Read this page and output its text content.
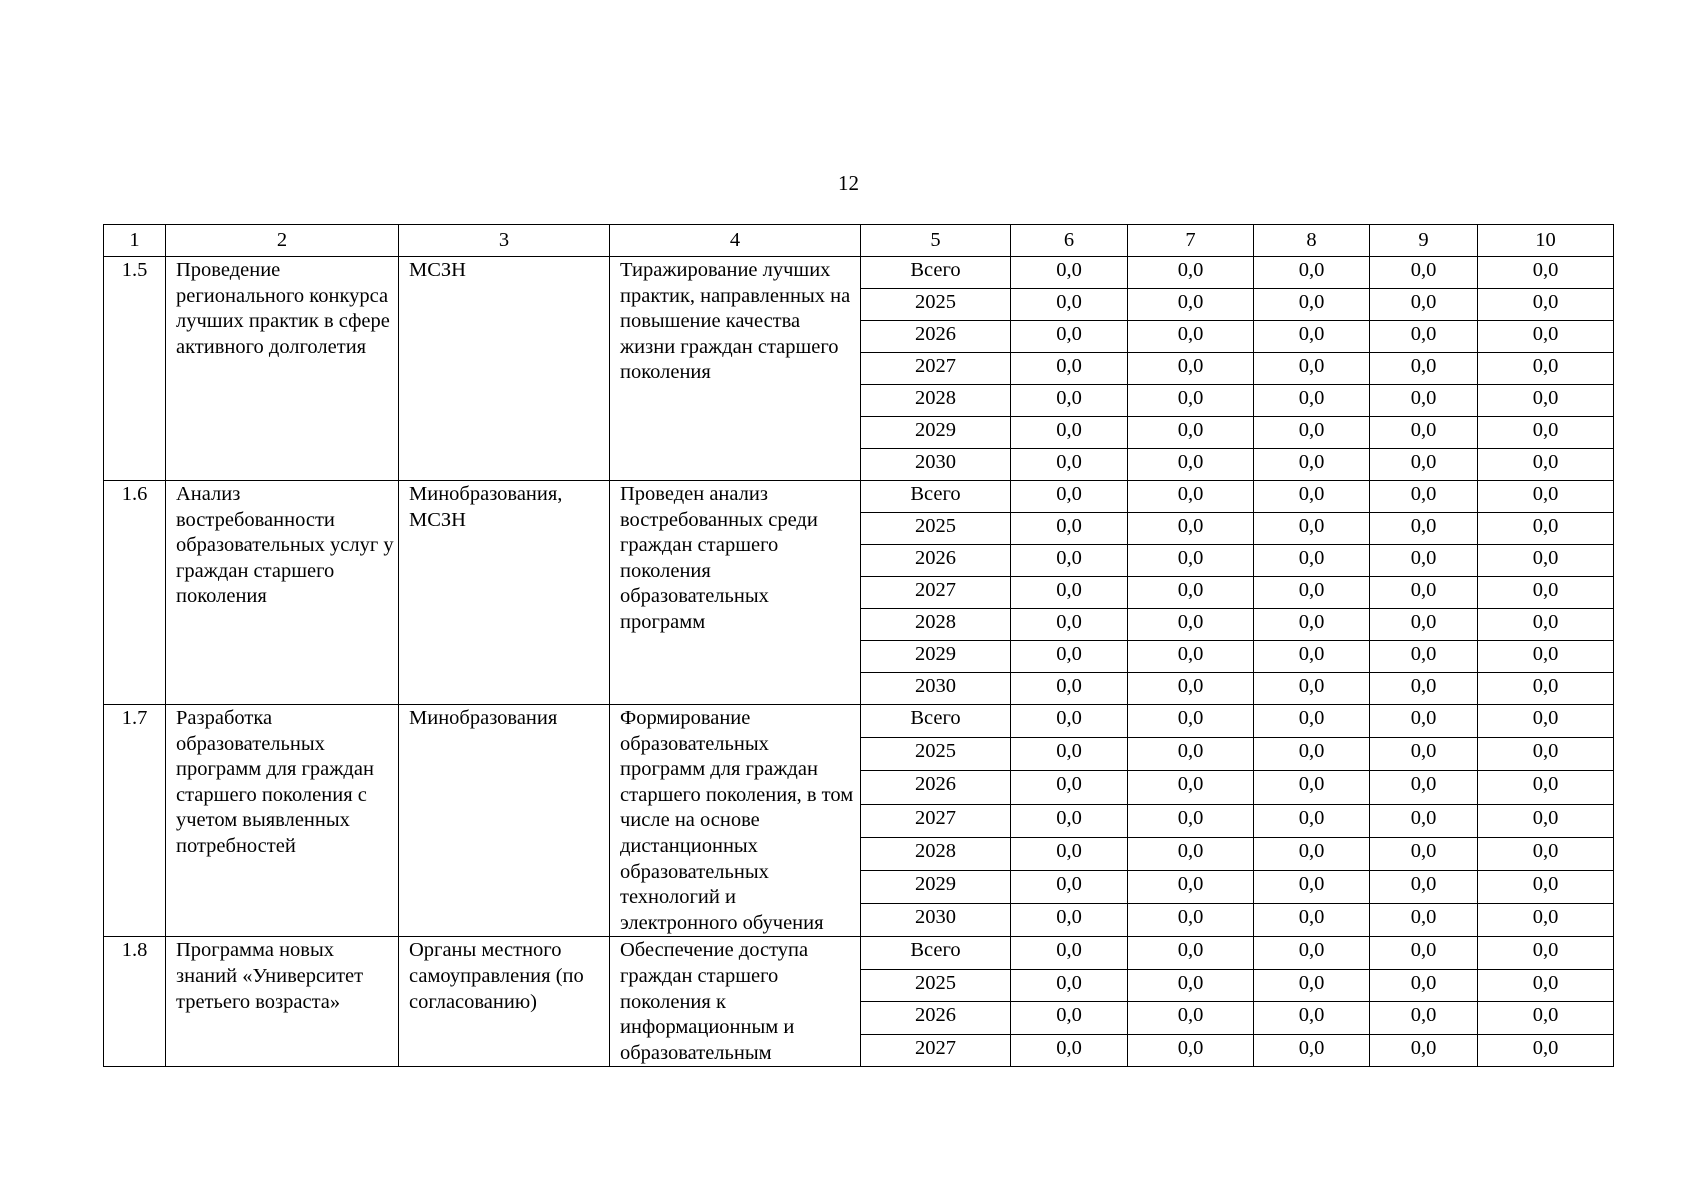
12
1	2	3	4	5	6	7	8	9	10
1.5	Проведение регионального конкурса лучших практик в сфере активного долголетия	МСЗН	Тиражирование лучших практик, направленных на повышение качества жизни граждан старшего поколения	Всего	0,0	0,0	0,0	0,0	0,0
				2025	0,0	0,0	0,0	0,0	0,0
				2026	0,0	0,0	0,0	0,0	0,0
				2027	0,0	0,0	0,0	0,0	0,0
				2028	0,0	0,0	0,0	0,0	0,0
				2029	0,0	0,0	0,0	0,0	0,0
				2030	0,0	0,0	0,0	0,0	0,0
1.6	Анализ востребованности образовательных услуг у граждан старшего поколения	Минобразования, МСЗН	Проведен анализ востребованных среди граждан старшего поколения образовательных программ	Всего	0,0	0,0	0,0	0,0	0,0
				2025	0,0	0,0	0,0	0,0	0,0
				2026	0,0	0,0	0,0	0,0	0,0
				2027	0,0	0,0	0,0	0,0	0,0
				2028	0,0	0,0	0,0	0,0	0,0
				2029	0,0	0,0	0,0	0,0	0,0
				2030	0,0	0,0	0,0	0,0	0,0
1.7	Разработка образовательных программ для граждан старшего поколения с учетом выявленных потребностей	Минобразования	Формирование образовательных программ для граждан старшего поколения, в том числе на основе дистанционных образовательных технологий и электронного обучения	Всего	0,0	0,0	0,0	0,0	0,0
				2025	0,0	0,0	0,0	0,0	0,0
				2026	0,0	0,0	0,0	0,0	0,0
				2027	0,0	0,0	0,0	0,0	0,0
				2028	0,0	0,0	0,0	0,0	0,0
				2029	0,0	0,0	0,0	0,0	0,0
				2030	0,0	0,0	0,0	0,0	0,0
1.8	Программа новых знаний «Университет третьего возраста»	Органы местного самоуправления (по согласованию)	Обеспечение доступа граждан старшего поколения к информационным и образовательным	Всего	0,0	0,0	0,0	0,0	0,0
				2025	0,0	0,0	0,0	0,0	0,0
				2026	0,0	0,0	0,0	0,0	0,0
				2027	0,0	0,0	0,0	0,0	0,0
